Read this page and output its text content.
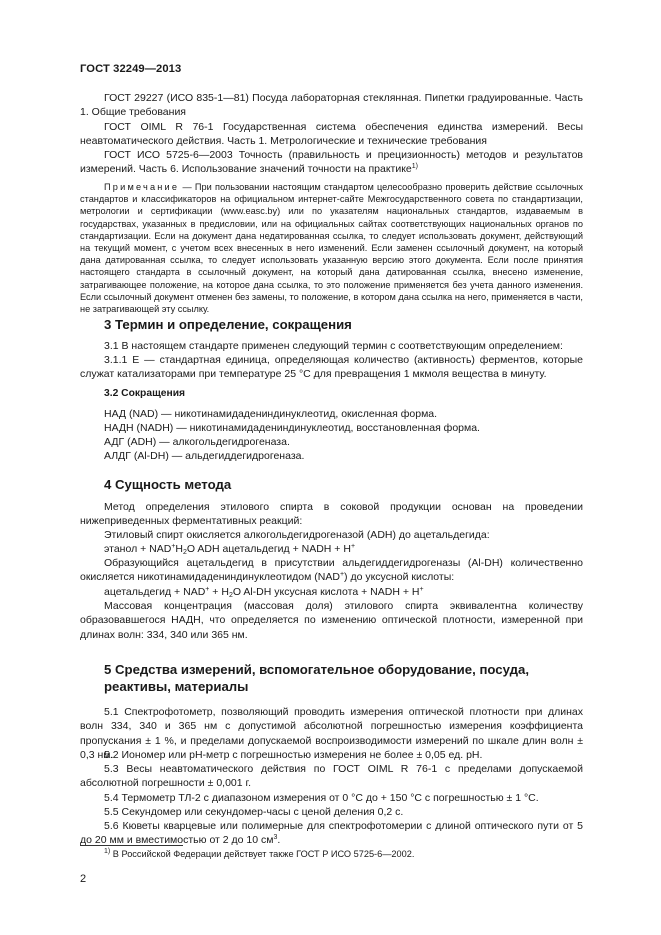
ГОСТ 32249—2013

ГОСТ 29227 (ИСО 835-1—81) Посуда лабораторная стеклянная. Пипетки градуированные. Часть 1. Общие требования

ГОСТ OIML R 76-1 Государственная система обеспечения единства измерений. Весы неавтоматического действия. Часть 1. Метрологические и технические требования

ГОСТ ИСО 5725-6—2003 Точность (правильность и прецизионность) методов и результатов измерений. Часть 6. Использование значений точности на практике$^{1)}$

Примечание — При пользовании настоящим стандартом целесообразно проверить действие ссылочных стандартов и классификаторов на официальном интернет-сайте Межгосударственного совета по стандартизации, метрологии и сертификации (www.easc.by) или по указателям национальных стандартов, издаваемым в государствах, указанных в предисловии, или на официальных сайтах соответствующих национальных органов по стандартизации. Если на документ дана недатированная ссылка, то следует использовать документ, действующий на текущий момент, с учетом всех внесенных в него изменений. Если заменен ссылочный документ, на который дана датированная ссылка, то следует использовать указанную версию этого документа. Если после принятия настоящего стандарта в ссылочный документ, на который дана датированная ссылка, внесено изменение, затрагивающее положение, на которое дана ссылка, то это положение применяется без учета данного изменения. Если ссылочный документ отменен без замены, то положение, в котором дана ссылка на него, применяется в части, не затрагивающей эту ссылку.

3 Термин и определение, сокращения

3.1 В настоящем стандарте применен следующий термин с соответствующим определением:

3.1.1 Е — стандартная единица, определяющая количество (активность) ферментов, которые служат катализаторами при температуре 25 °С для превращения 1 мкмоля вещества в минуту.

3.2 Сокращения

НАД (NAD) — никотинамидадениндинуклеотид, окисленная форма.

НАДН (NADH) — никотинамидадениндинуклеотид, восстановленная форма.

АДГ (ADH) — алкогольдегидрогеназа.

АЛДГ (Al-DH) — альдегиддегидрогеназа.

4 Сущность метода

Метод определения этилового спирта в соковой продукции основан на проведении нижеприведенных ферментативных реакций:

Этиловый спирт окисляется алкогольдегидрогеназой (ADH) до ацетальдегида:

этанол + $NAD^+H_2O$ ADH ацетальдегид + NADH + H+

Образующийся ацетальдегид в присутствии альдегиддегидрогеназы (Al-DH) количественно окисляется никотинамидадениндинуклеотидом (NAD+) до уксусной кислоты:

ацетальдегид + $NAD^+ + H_2O$ Al-DH уксусная кислота + NADH + H+

Массовая концентрация (массовая доля) этилового спирта эквивалентна количеству образовавшегося НАДН, что определяется по изменению оптической плотности, измеренной при длинах волн: 334, 340 или 365 нм.

5 Средства измерений, вспомогательное оборудование, посуда, реактивы, материалы

5.1 Спектрофотометр, позволяющий проводить измерения оптической плотности при длинах волн 334, 340 и 365 нм с допустимой абсолютной погрешностью измерения коэффициента пропускания ± 1 %, и пределами допускаемой воспроизводимости измерений по шкале длин волн ± 0,3 нм.

5.2 Иономер или рН-метр с погрешностью измерения не более ± 0,05 ед. рН.

5.3 Весы неавтоматического действия по ГОСТ OIML R 76-1 с пределами допускаемой абсолютной погрешности ± 0,001 г.

5.4 Термометр ТЛ-2 с диапазоном измерения от 0 °С до + 150 °С с погрешностью ± 1 °С.

5.5 Секундомер или секундомер-часы с ценой деления 0,2 с.

5.6 Кюветы кварцевые или полимерные для спектрофотомерии с длиной оптического пути от 5 до 20 мм и вместимостью от 2 до 10 $см^3$.

$^{1)}$ В Российской Федерации действует также ГОСТ Р ИСО 5725-6—2002.
2
